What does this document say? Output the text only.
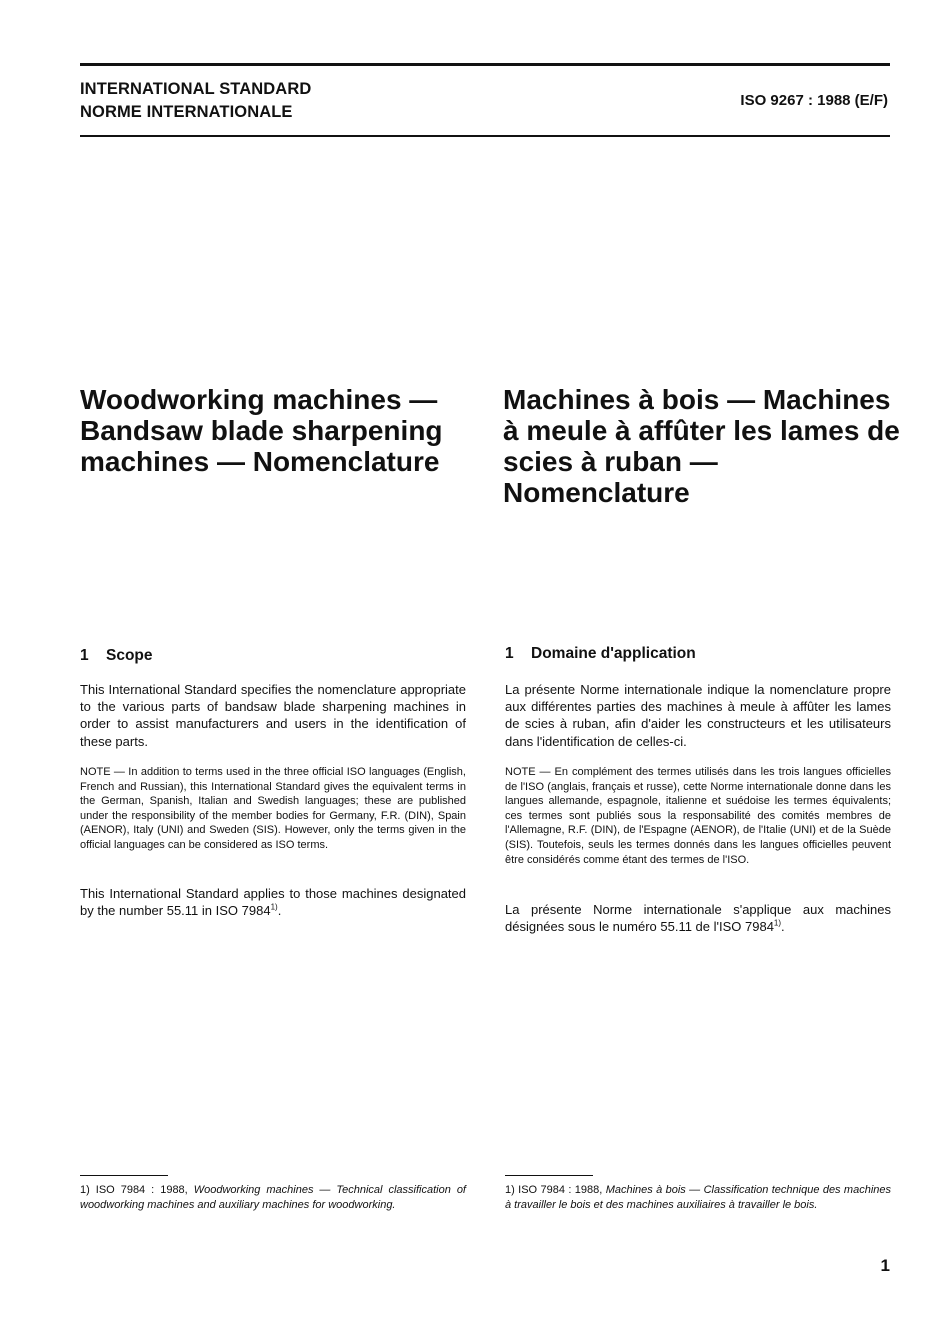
INTERNATIONAL STANDARD
NORME INTERNATIONALE
ISO 9267 : 1988 (E/F)
Woodworking machines — Bandsaw blade sharpening machines — Nomenclature
Machines à bois — Machines à meule à affûter les lames de scies à ruban — Nomenclature
1 Scope	1 Domaine d'application

This International Standard specifies the nomenclature appropriate to the various parts of bandsaw blade sharpening machines in order to assist manufacturers and users in the identification of these parts.

NOTE — In addition to terms used in the three official ISO languages (English, French and Russian), this International Standard gives the equivalent terms in the German, Spanish, Italian and Swedish languages; these are published under the responsibility of the member bodies for Germany, F.R. (DIN), Spain (AENOR), Italy (UNI) and Sweden (SIS). However, only the terms given in the official languages can be considered as ISO terms.

This International Standard applies to those machines designated by the number 55.11 in ISO 7984$^{1)}$.

La présente Norme internationale indique la nomenclature propre aux différentes parties des machines à meule à affûter les lames de scies à ruban, afin d'aider les constructeurs et les utilisateurs dans l'identification de celles-ci.

NOTE — En complément des termes utilisés dans les trois langues officielles de l'ISO (anglais, français et russe), cette Norme internationale donne dans les langues allemande, espagnole, italienne et suédoise les termes équivalents; ces termes sont publiés sous la responsabilité des comités membres de l'Allemagne, R.F. (DIN), de l'Espagne (AENOR), de l'Italie (UNI) et de la Suède (SIS). Toutefois, seuls les termes donnés dans les langues officielles peuvent être considérés comme étant des termes de l'ISO.

La présente Norme internationale s'applique aux machines désignées sous le numéro 55.11 de l'ISO 7984$^{1)}$.

1) ISO 7984 : 1988, Woodworking machines — Technical classification of woodworking machines and auxiliary machines for woodworking.
1) ISO 7984 : 1988, Machines à bois — Classification technique des machines à travailler le bois et des machines auxiliaires à travailler le bois.
1
